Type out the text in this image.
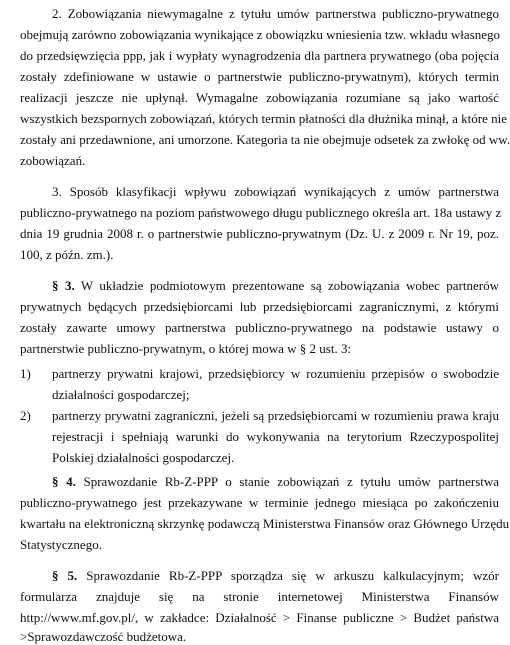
2. Zobowiązania niewymagalne z tytułu umów partnerstwa publiczno-prywatnego
obejmują zarówno zobowiązania wynikające z obowiązku wniesienia tzw. wkładu własnego
do przedsięwzięcia ppp, jak i wypłaty wynagrodzenia dla partnera prywatnego (oba pojęcia
zostały zdefiniowane w ustawie o partnerstwie publiczno-prywatnym), których termin
realizacji jeszcze nie upłynął. Wymagalne zobowiązania rozumiane są jako wartość
wszystkich bezspornych zobowiązań, których termin płatności dla dłużnika minął, a które nie
zostały ani przedawnione, ani umorzone. Kategoria ta nie obejmuje odsetek za zwłokę od ww.
zobowiązań.
3. Sposób klasyfikacji wpływu zobowiązań wynikających z umów partnerstwa
publiczno-prywatnego na poziom państwowego długu publicznego określa art. 18a ustawy z
dnia 19 grudnia 2008 r. o partnerstwie publiczno-prywatnym (Dz. U. z 2009 r. Nr 19, poz.
100, z późn. zm.).
§ 3. W układzie podmiotowym prezentowane są zobowiązania wobec partnerów
prywatnych będących przedsiębiorcami lub przedsiębiorcami zagranicznymi, z którymi
zostały zawarte umowy partnerstwa publiczno-prywatnego na podstawie ustawy o
partnerstwie publiczno-prywatnym, o której mowa w § 2 ust. 3:
1) partnerzy prywatni krajowi, przedsiębiorcy w rozumieniu przepisów o swobodzie
działalności gospodarczej;
2) partnerzy prywatni zagraniczni, jeżeli są przedsiębiorcami w rozumieniu prawa kraju
rejestracji i spełniają warunki do wykonywania na terytorium Rzeczypospolitej
Polskiej działalności gospodarczej.
§ 4. Sprawozdanie Rb-Z-PPP o stanie zobowiązań z tytułu umów partnerstwa
publiczno-prywatnego jest przekazywane w terminie jednego miesiąca po zakończeniu
kwartału na elektroniczną skrzynkę podawczą Ministerstwa Finansów oraz Głównego Urzędu
Statystycznego.
§ 5. Sprawozdanie Rb-Z-PPP sporządza się w arkuszu kalkulacyjnym; wzór
formularza znajduje się na stronie internetowej Ministerstwa Finansów
http://www.mf.gov.pl/, w zakładce: Działalność > Finanse publiczne > Budżet państwa
>Sprawozdawczość budżetowa.
